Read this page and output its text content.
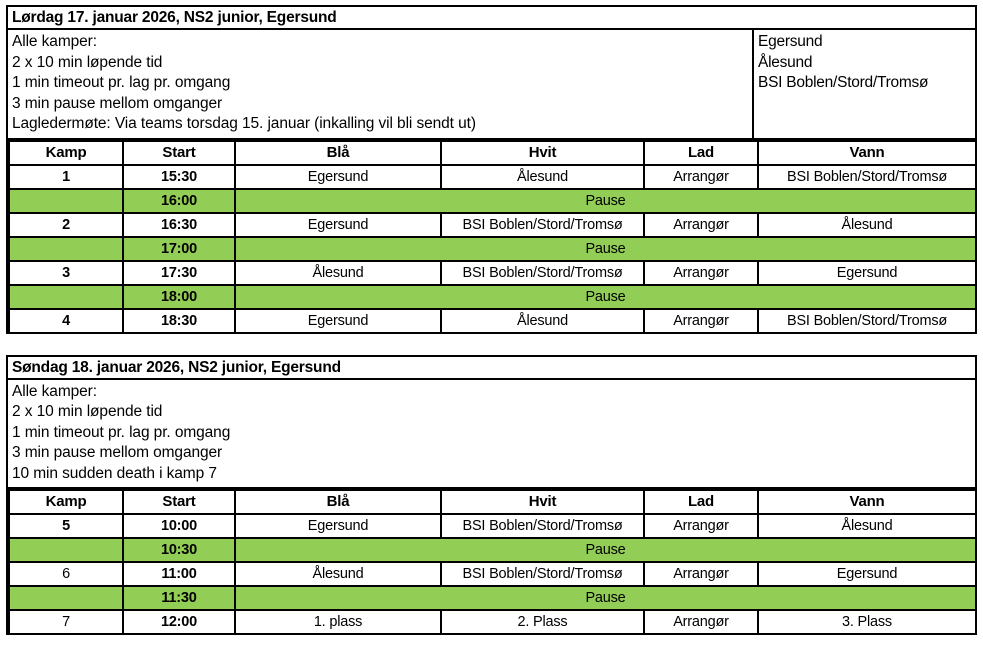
Lørdag 17. januar 2026, NS2 junior, Egersund
Alle kamper:
2 x 10 min løpende tid
1 min timeout pr. lag pr. omgang
3 min pause mellom omganger
Lagledermøte: Via teams torsdag 15. januar (inkalling vil bli sendt ut)
Egersund
Ålesund
BSI Boblen/Stord/Tromsø
Kamp	Start	Blå	Hvit	Lad	Vann
1	15:30	Egersund	Ålesund	Arrangør	BSI Boblen/Stord/Tromsø
	16:00	Pause			
2	16:30	Egersund	BSI Boblen/Stord/Tromsø	Arrangør	Ålesund
	17:00	Pause			
3	17:30	Ålesund	BSI Boblen/Stord/Tromsø	Arrangør	Egersund
	18:00	Pause			
4	18:30	Egersund	Ålesund	Arrangør	BSI Boblen/Stord/Tromsø
Søndag 18. januar 2026, NS2 junior, Egersund
Alle kamper:
2 x 10 min løpende tid
1 min timeout pr. lag pr. omgang
3 min pause mellom omganger
10 min sudden death i kamp 7
Kamp	Start	Blå	Hvit	Lad	Vann
5	10:00	Egersund	BSI Boblen/Stord/Tromsø	Arrangør	Ålesund
	10:30	Pause			
6	11:00	Ålesund	BSI Boblen/Stord/Tromsø	Arrangør	Egersund
	11:30	Pause			
7	12:00	1. plass	2. Plass	Arrangør	3. Plass
